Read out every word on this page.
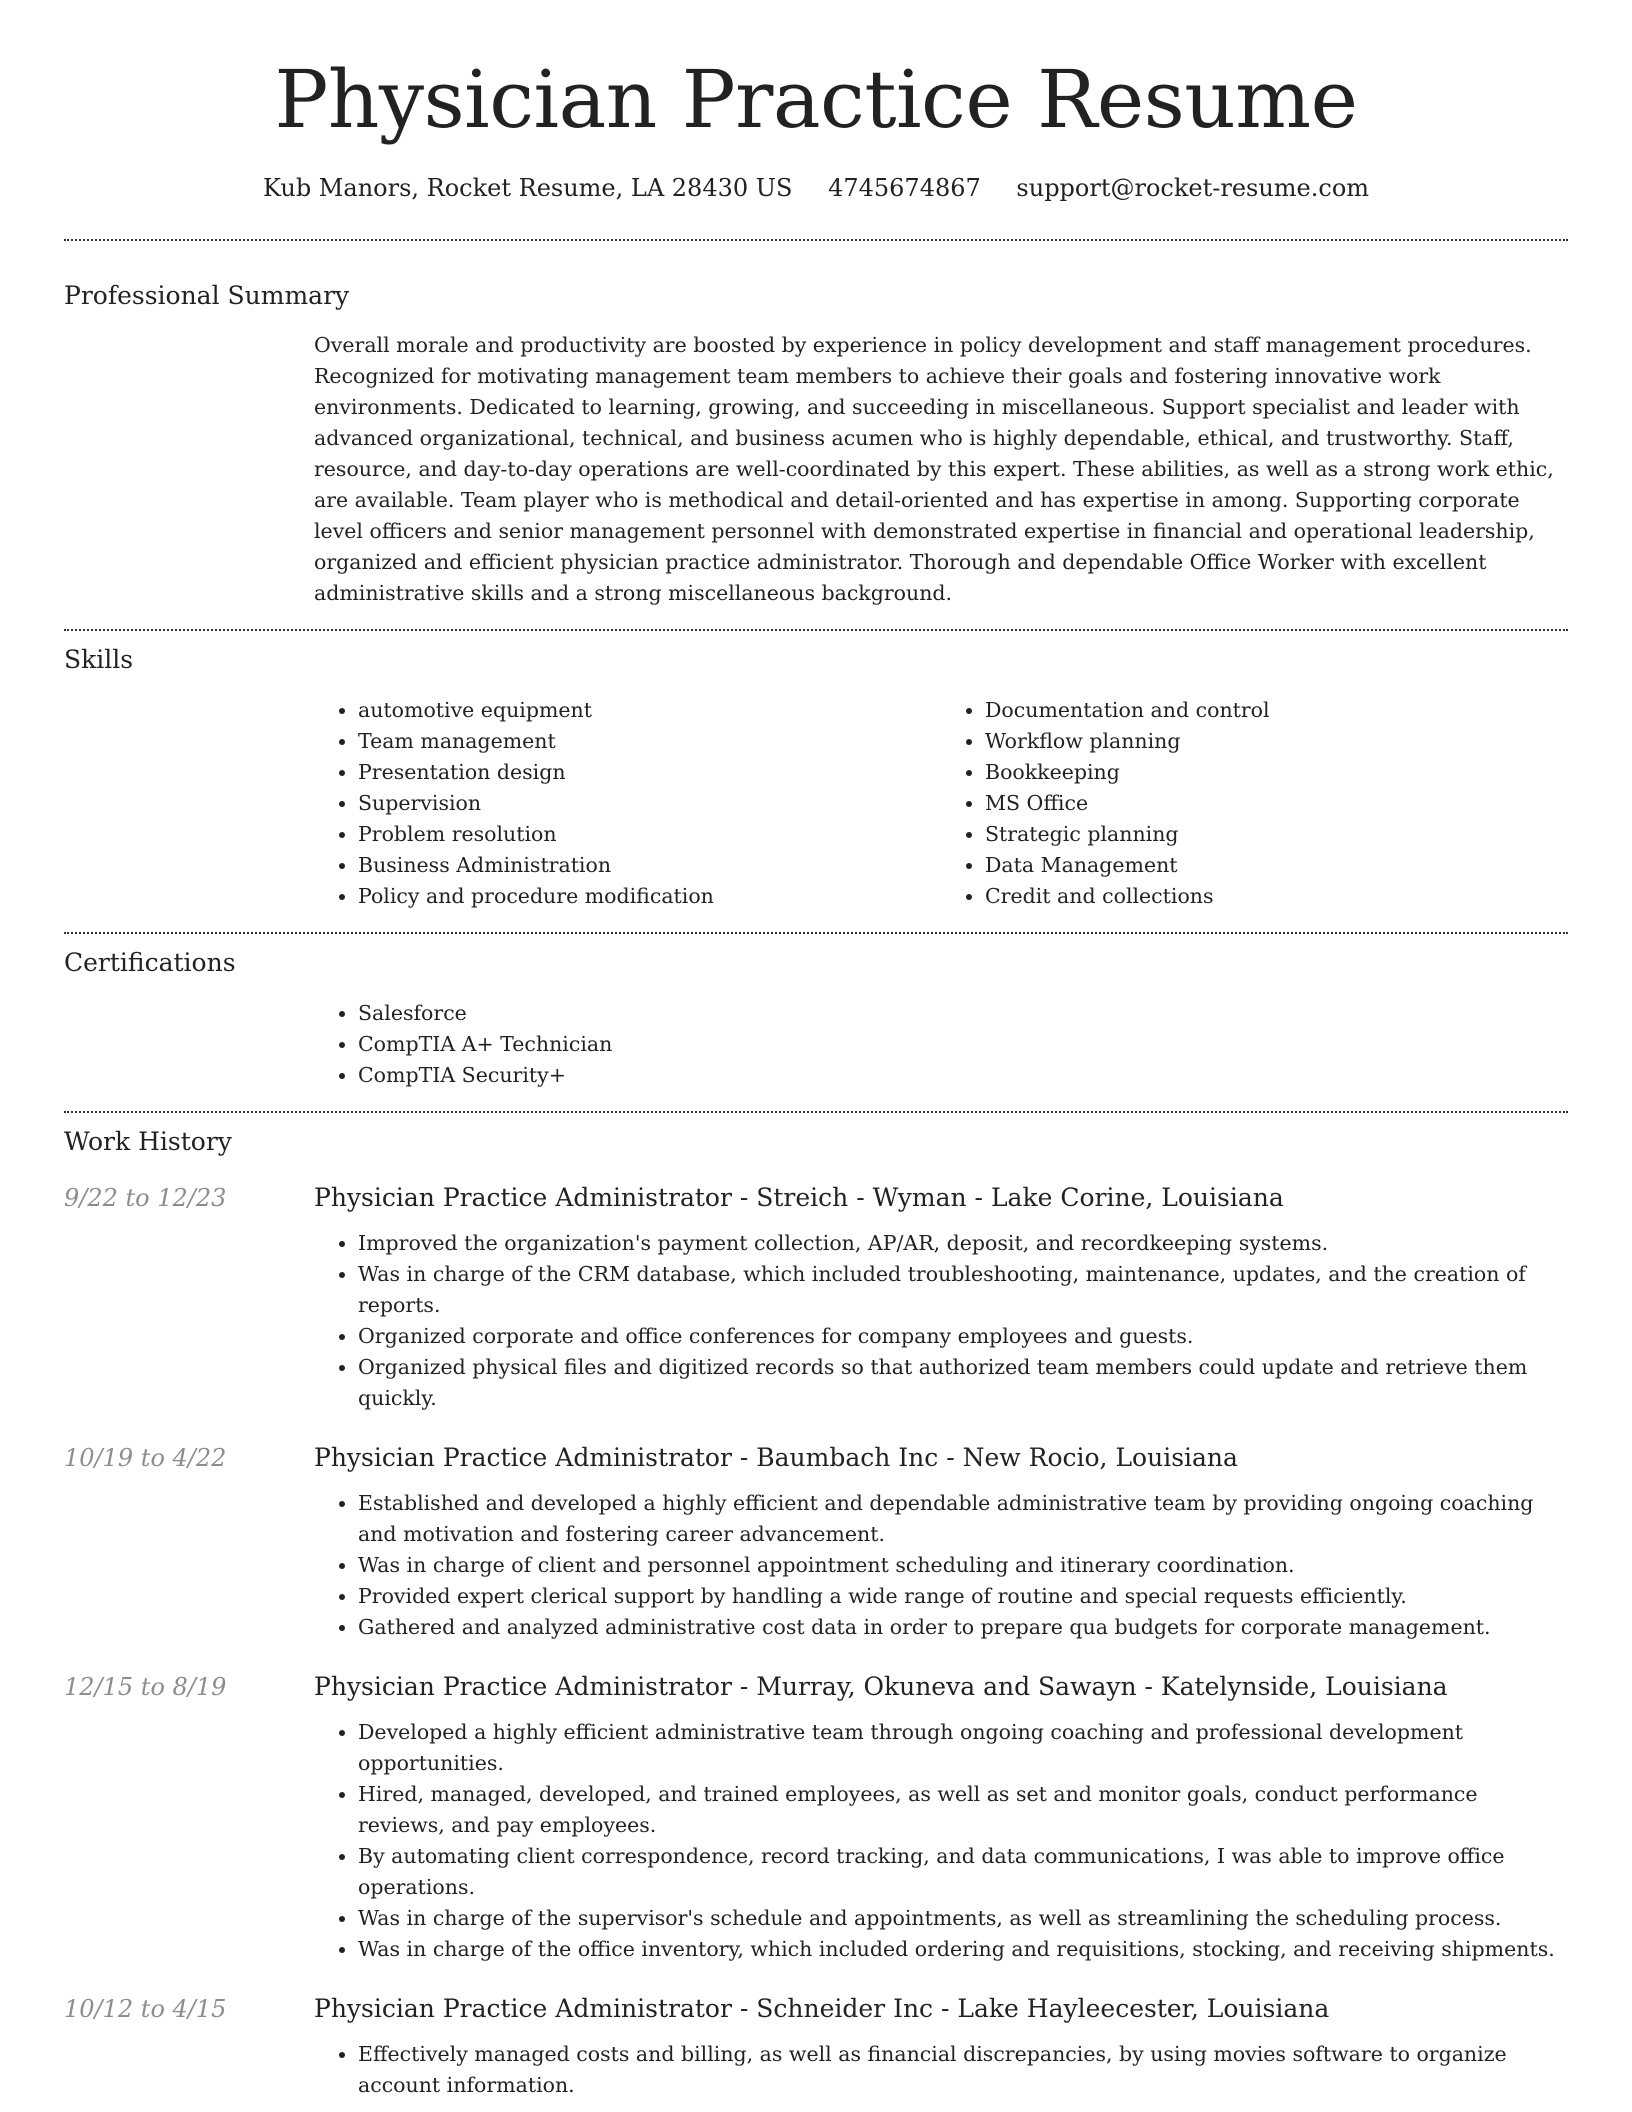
Physician Practice Resume
Kub Manors, Rocket Resume, LA 28430 US 4745674867 support@rocket-resume.com
Professional Summary

Overall morale and productivity are boosted by experience in policy development and staff management procedures. Recognized for motivating management team members to achieve their goals and fostering innovative work environments. Dedicated to learning, growing, and succeeding in miscellaneous. Support specialist and leader with advanced organizational, technical, and business acumen who is highly dependable, ethical, and trustworthy. Staff, resource, and day-to-day operations are well-coordinated by this expert. These abilities, as well as a strong work ethic, are available. Team player who is methodical and detail-oriented and has expertise in among. Supporting corporate level officers and senior management personnel with demonstrated expertise in financial and operational leadership, organized and efficient physician practice administrator. Thorough and dependable Office Worker with excellent administrative skills and a strong miscellaneous background.

Skills
• automotive equipment
• Team management
• Presentation design
• Supervision
• Problem resolution
• Business Administration
• Policy and procedure modification
• Documentation and control
• Workflow planning
• Bookkeeping
• MS Office
• Strategic planning
• Data Management
• Credit and collections
Certifications
• Salesforce
• CompTIA A+ Technician
• CompTIA Security+
Work History
9/22 to 12/23	Physician Practice Administrator - Streich - Wyman - Lake Corine, Louisiana
• Improved the organization's payment collection, AP/AR, deposit, and recordkeeping systems.
• Was in charge of the CRM database, which included troubleshooting, maintenance, updates, and the creation of reports.
• Organized corporate and office conferences for company employees and guests.
• Organized physical files and digitized records so that authorized team members could update and retrieve them quickly.
10/19 to 4/22	Physician Practice Administrator - Baumbach Inc - New Rocio, Louisiana
• Established and developed a highly efficient and dependable administrative team by providing ongoing coaching and motivation and fostering career advancement.
• Was in charge of client and personnel appointment scheduling and itinerary coordination.
• Provided expert clerical support by handling a wide range of routine and special requests efficiently.
• Gathered and analyzed administrative cost data in order to prepare qua budgets for corporate management.
12/15 to 8/19	Physician Practice Administrator - Murray, Okuneva and Sawayn - Katelynside, Louisiana
• Developed a highly efficient administrative team through ongoing coaching and professional development opportunities.
• Hired, managed, developed, and trained employees, as well as set and monitor goals, conduct performance reviews, and pay employees.
• By automating client correspondence, record tracking, and data communications, I was able to improve office operations.
• Was in charge of the supervisor's schedule and appointments, as well as streamlining the scheduling process.
• Was in charge of the office inventory, which included ordering and requisitions, stocking, and receiving shipments.
10/12 to 4/15	Physician Practice Administrator - Schneider Inc - Lake Hayleecester, Louisiana
• Effectively managed costs and billing, as well as financial discrepancies, by using movies software to organize account information.
